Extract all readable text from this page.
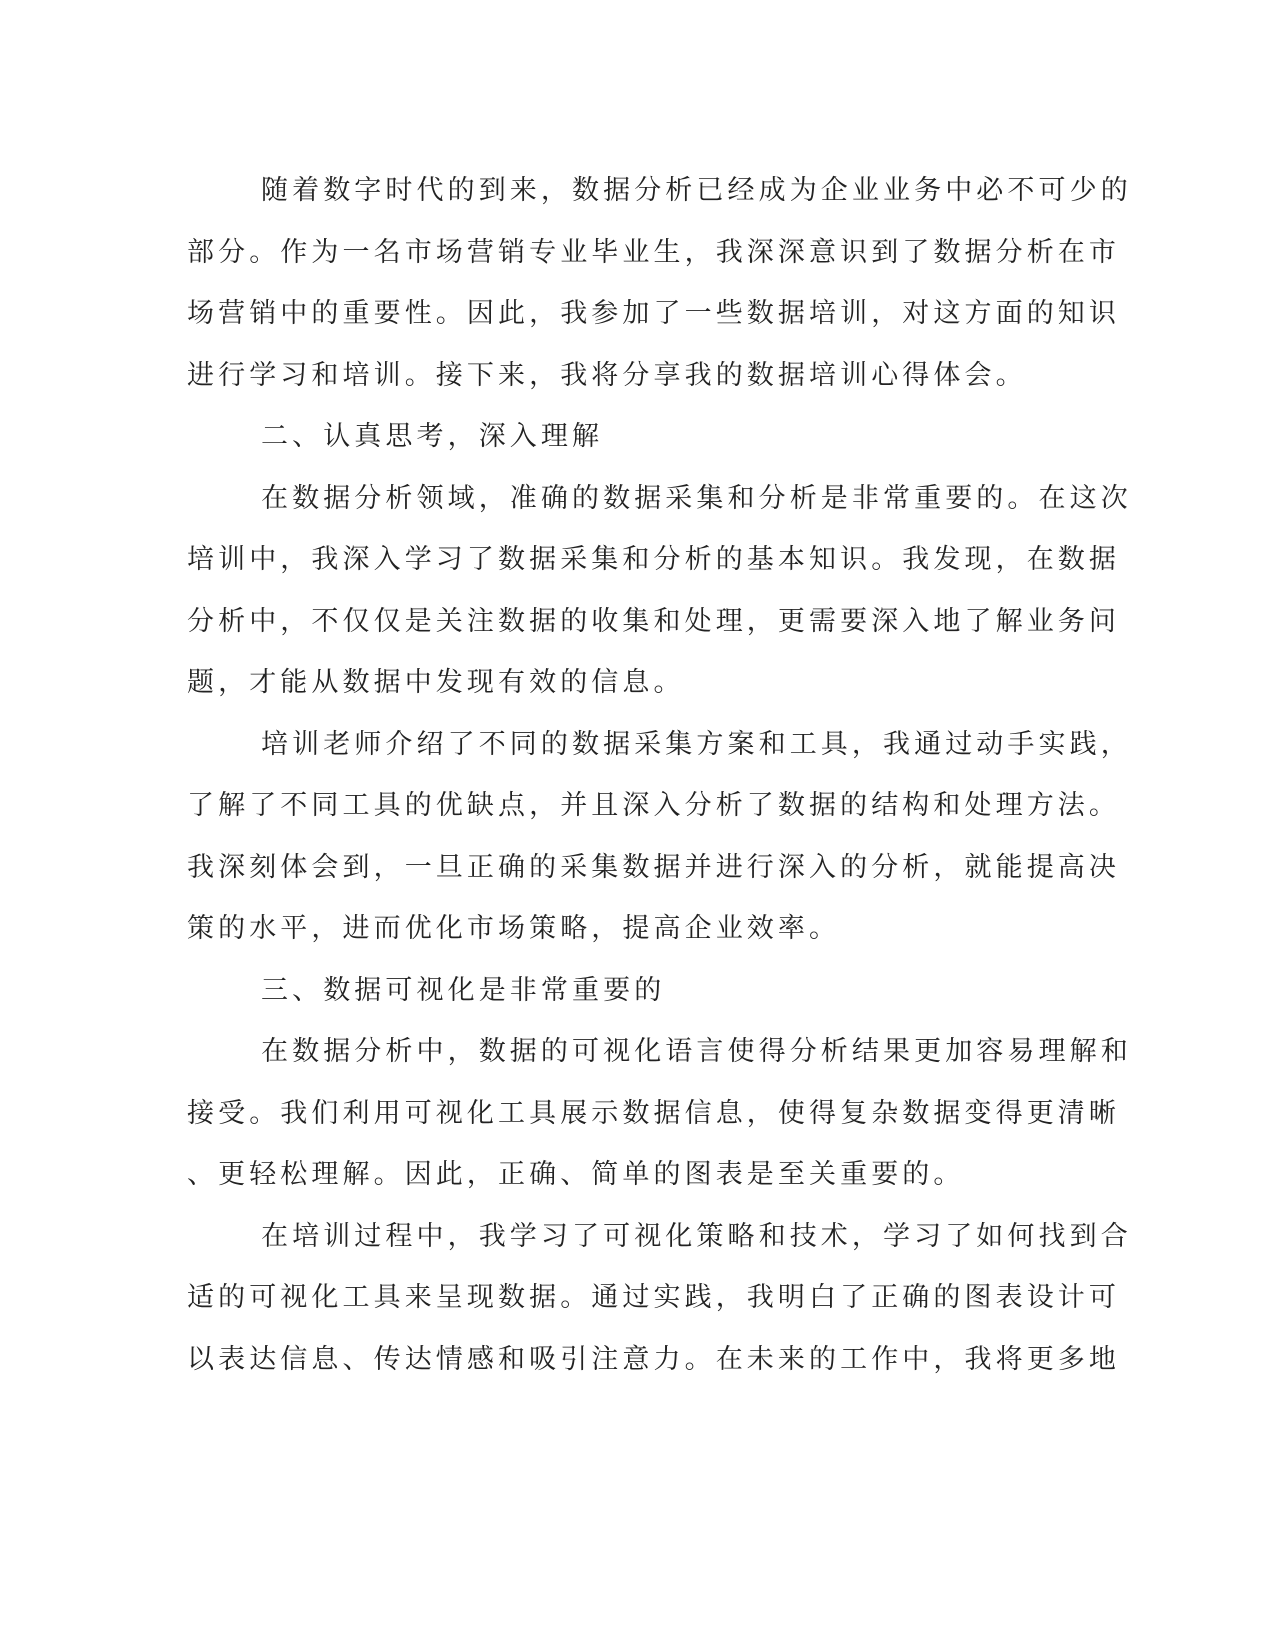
随着数字时代的到来，数据分析已经成为企业业务中必不可少的
部分。作为一名市场营销专业毕业生，我深深意识到了数据分析在市
场营销中的重要性。因此，我参加了一些数据培训，对这方面的知识
进行学习和培训。接下来，我将分享我的数据培训心得体会。
二、认真思考，深入理解
在数据分析领域，准确的数据采集和分析是非常重要的。在这次
培训中，我深入学习了数据采集和分析的基本知识。我发现，在数据
分析中，不仅仅是关注数据的收集和处理，更需要深入地了解业务问
题，才能从数据中发现有效的信息。
培训老师介绍了不同的数据采集方案和工具，我通过动手实践，
了解了不同工具的优缺点，并且深入分析了数据的结构和处理方法。
我深刻体会到，一旦正确的采集数据并进行深入的分析，就能提高决
策的水平，进而优化市场策略，提高企业效率。
三、数据可视化是非常重要的
在数据分析中，数据的可视化语言使得分析结果更加容易理解和
接受。我们利用可视化工具展示数据信息，使得复杂数据变得更清晰
、更轻松理解。因此，正确、简单的图表是至关重要的。
在培训过程中，我学习了可视化策略和技术，学习了如何找到合
适的可视化工具来呈现数据。通过实践，我明白了正确的图表设计可
以表达信息、传达情感和吸引注意力。在未来的工作中，我将更多地
